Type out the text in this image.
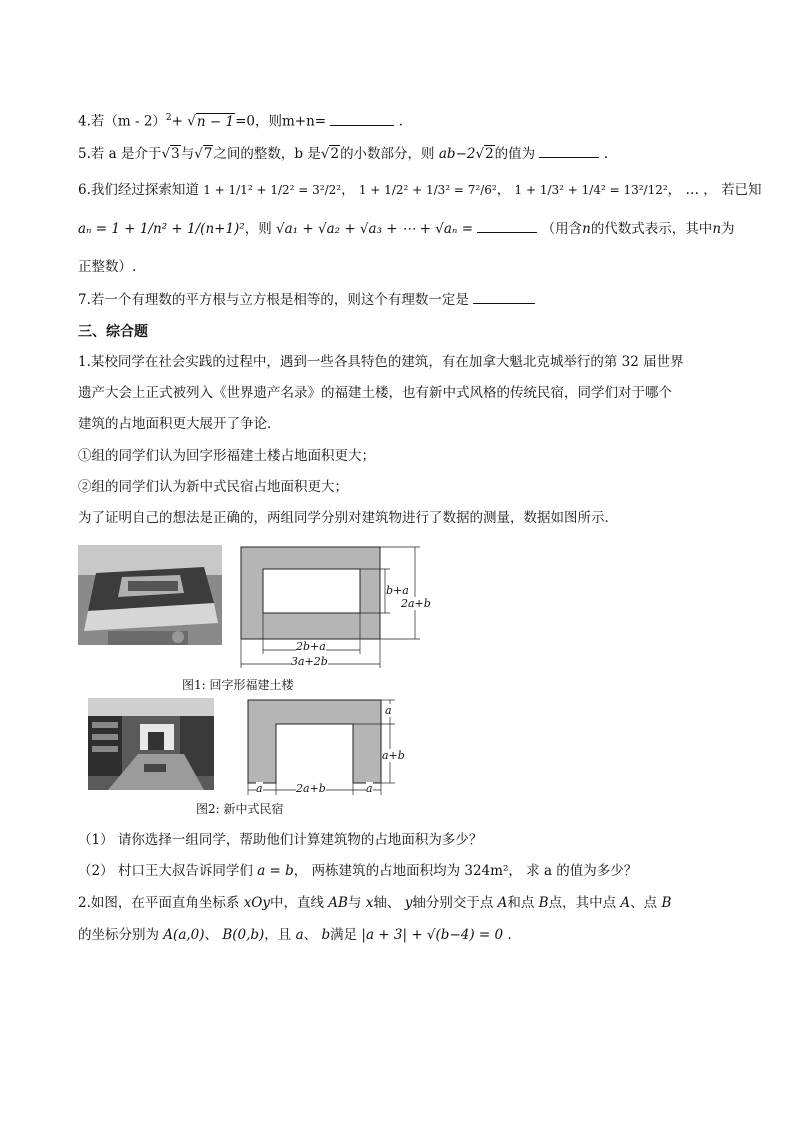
4.若（m - 2）$^2$+ √n − 1=0，则m+n=	.
5.若 a 是介于√3与√7之间的整数，b 是√2的小数部分，则 ab−2√2的值为	.
6.我们经过探索知道 1 + 1/1² + 1/2² = 3²/2²， 1 + 1/2² + 1/3² = 7²/6²， 1 + 1/3² + 1/4² = 13²/12²， … ， 若已知
aₙ = 1 + 1/n² + 1/(n+1)²，则 √a₁ + √a₂ + √a₃ + ⋯ + √aₙ =	（用含n的代数式表示，其中n为
正整数）.
7.若一个有理数的平方根与立方根是相等的，则这个有理数一定是
三、综合题
1.某校同学在社会实践的过程中，遇到一些各具特色的建筑，有在加拿大魁北克城举行的第 32 届世界
遗产大会上正式被列入《世界遗产名录》的福建土楼，也有新中式风格的传统民宿，同学们对于哪个
建筑的占地面积更大展开了争论．
①组的同学们认为回字形福建土楼占地面积更大；
②组的同学们认为新中式民宿占地面积更大；
为了证明自己的想法是正确的，两组同学分别对建筑物进行了数据的测量，数据如图所示．
b+a
2a+b
2b+a
3a+2b
图1: 回字形福建土楼
a
a+b
a	2a+b	a
图2: 新中式民宿
（1） 请你选择一组同学，帮助他们计算建筑物的占地面积为多少？
（2） 村口王大叔告诉同学们 a = b， 两栋建筑的占地面积均为 324m²， 求 a 的值为多少？
2.如图，在平面直角坐标系 xOy中，直线 AB与 x轴、 y轴分别交于点 A和点 B点，其中点 A、点 B
的坐标分别为 A(a,0)、 B(0,b)，且 a、 b满足 |a + 3| + √(b−4) = 0 .
